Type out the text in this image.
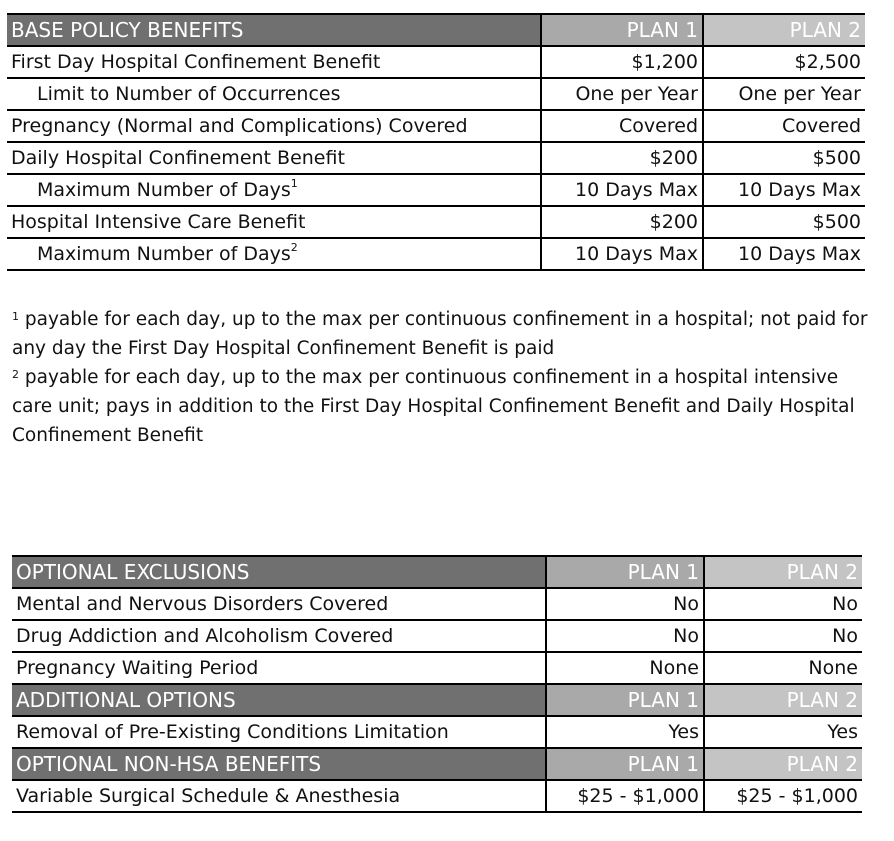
BASE POLICY BENEFITS	PLAN 1	PLAN 2
First Day Hospital Confinement Benefit	$1,200	$2,500
Limit to Number of Occurrences	One per Year	One per Year
Pregnancy (Normal and Complications) Covered	Covered	Covered
Daily Hospital Confinement Benefit	$200	$500
Maximum Number of Days$^1$	10 Days Max	10 Days Max
Hospital Intensive Care Benefit	$200	$500
Maximum Number of Days$^2$	10 Days Max	10 Days Max

$^1$ payable for each day, up to the max per continuous confinement in a hospital; not paid for any day the First Day Hospital Confinement Benefit is paid

$^2$ payable for each day, up to the max per continuous confinement in a hospital intensive care unit; pays in addition to the First Day Hospital Confinement Benefit and Daily Hospital Confinement Benefit

OPTIONAL EXCLUSIONS	PLAN 1	PLAN 2
Mental and Nervous Disorders Covered	No	No
Drug Addiction and Alcoholism Covered	No	No
Pregnancy Waiting Period	None	None
ADDITIONAL OPTIONS	PLAN 1	PLAN 2
Removal of Pre-Existing Conditions Limitation	Yes	Yes
OPTIONAL NON-HSA BENEFITS	PLAN 1	PLAN 2
Variable Surgical Schedule & Anesthesia	$25 - $1,000	$25 - $1,000
